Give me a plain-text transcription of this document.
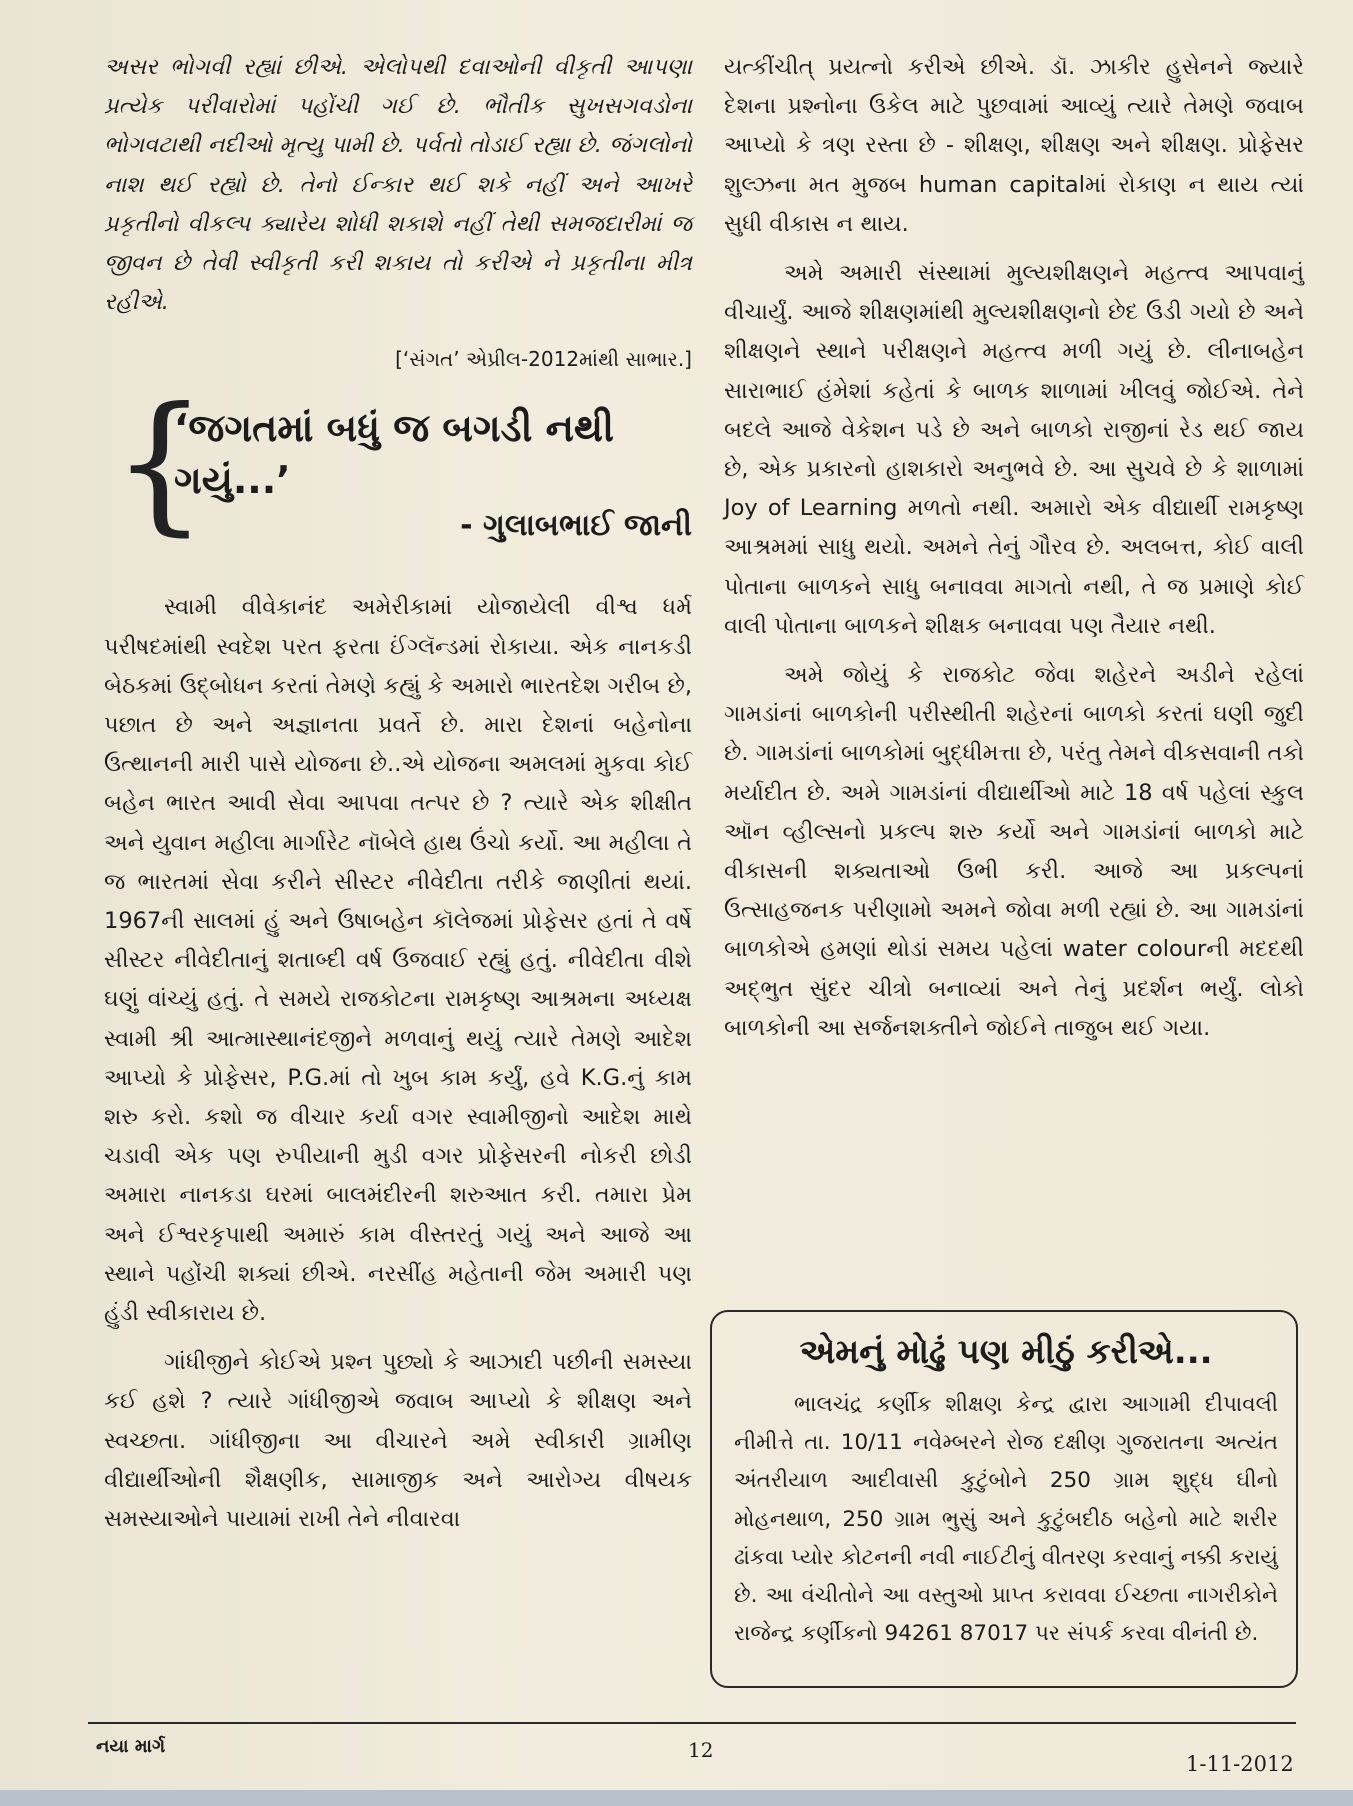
અસર ભોગવી રહ્યાં છીએ. એલોપથી દવાઓની વીકૃતી આપણા પ્રત્યેક પરીવારોમાં પહોંચી ગઈ છે. ભૌતીક સુખસગવડોના ભોગવટાથી નદીઓ મૃત્યુ પામી છે. પર્વતો તોડાઈ રહ્યા છે. જંગલોનો નાશ થઈ રહ્યો છે. તેનો ઈન્કાર થઈ શકે નહીં અને આખરે પ્રકૃતીનો વીકલ્પ ક્યારેય શોધી શકાશે નહીં તેથી સમજદારીમાં જ જીવન છે તેવી સ્વીકૃતી કરી શકાય તો કરીએ ને પ્રકૃતીના મીત્ર રહીએ.

[‘સંગત’ એપ્રીલ-2012માંથી સાભાર.]

{
‘જગતમાં બધું જ બગડી નથી ગયું...’
- ગુલાબભાઈ જાની

સ્વામી વીવેકાનંદ અમેરીકામાં યોજાયેલી વીશ્વ ધર્મ પરીષદમાંથી સ્વદેશ પરત ફરતા ઈંગ્લૅન્ડમાં રોકાયા. એક નાનકડી બેઠકમાં ઉદ્બોધન કરતાં તેમણે કહ્યું કે અમારો ભારતદેશ ગરીબ છે, પછાત છે અને અજ્ઞાનતા પ્રવર્તે છે. મારા દેશનાં બહેનોના ઉત્થાનની મારી પાસે યોજના છે..એ યોજના અમલમાં મુકવા કોઈ બહેન ભારત આવી સેવા આપવા તત્પર છે ? ત્યારે એક શીક્ષીત અને યુવાન મહીલા માર્ગારેટ નૉબેલે હાથ ઉંચો કર્યો. આ મહીલા તે જ ભારતમાં સેવા કરીને સીસ્ટર નીવેદીતા તરીકે જાણીતાં થયાં. 1967ની સાલમાં હું અને ઉષાબહેન કૉલેજમાં પ્રોફેસર હતાં તે વર્ષે સીસ્ટર નીવેદીતાનું શતાબ્દી વર્ષ ઉજવાઈ રહ્યું હતું. નીવેદીતા વીશે ઘણું વાંચ્યું હતું. તે સમયે રાજકોટના રામકૃષ્ણ આશ્રમના અધ્યક્ષ સ્વામી શ્રી આત્માસ્થાનંદજીને મળવાનું થયું ત્યારે તેમણે આદેશ આપ્યો કે પ્રોફેસર, P.G.માં તો ખુબ કામ કર્યું, હવે K.G.નું કામ શરુ કરો. કશો જ વીચાર કર્યા વગર સ્વામીજીનો આદેશ માથે ચડાવી એક પણ રુપીયાની મુડી વગર પ્રોફેસરની નોકરી છોડી અમારા નાનકડા ઘરમાં બાલમંદીરની શરુઆત કરી. તમારા પ્રેમ અને ઈશ્વરકૃપાથી અમારું કામ વીસ્તરતું ગયું અને આજે આ સ્થાને પહોંચી શક્યાં છીએ. નરસીંહ મહેતાની જેમ અમારી પણ હુંડી સ્વીકારાય છે.

ગાંધીજીને કોઈએ પ્રશ્ન પુછ્યો કે આઝાદી પછીની સમસ્યા કઈ હશે ? ત્યારે ગાંધીજીએ જવાબ આપ્યો કે શીક્ષણ અને સ્વચ્છતા. ગાંધીજીના આ વીચારને અમે સ્વીકારી ગ્રામીણ વીદ્યાર્થીઓની શૈક્ષણીક, સામાજીક અને આરોગ્ય વીષયક સમસ્યાઓને પાયામાં રાખી તેને નીવારવા

યત્કીંચીત્ પ્રયત્નો કરીએ છીએ. ડૉ. ઝાકીર હુસેનને જ્યારે દેશના પ્રશ્નોના ઉકેલ માટે પુછવામાં આવ્યું ત્યારે તેમણે જવાબ આપ્યો કે ત્રણ રસ્તા છે - શીક્ષણ, શીક્ષણ અને શીક્ષણ. પ્રોફેસર શુલ્ઝના મત મુજબ human capitalમાં રોકાણ ન થાય ત્યાં સુધી વીકાસ ન થાય.

અમે અમારી સંસ્થામાં મુલ્યશીક્ષણને મહત્ત્વ આપવાનું વીચાર્યું. આજે શીક્ષણમાંથી મુલ્યશીક્ષણનો છેદ ઉડી ગયો છે અને શીક્ષણને સ્થાને પરીક્ષણને મહત્ત્વ મળી ગયું છે. લીનાબહેન સારાભાઈ હંમેશાં કહેતાં કે બાળક શાળામાં ખીલવું જોઈએ. તેને બદલે આજે વેકેશન પડે છે અને બાળકો રાજીનાં રેડ થઈ જાય છે, એક પ્રકારનો હાશકારો અનુભવે છે. આ સુચવે છે કે શાળામાં Joy of Learning મળતો નથી. અમારો એક વીદ્યાર્થી રામકૃષ્ણ આશ્રમમાં સાધુ થયો. અમને તેનું ગૌરવ છે. અલબત્ત, કોઈ વાલી પોતાના બાળકને સાધુ બનાવવા માગતો નથી, તે જ પ્રમાણે કોઈ વાલી પોતાના બાળકને શીક્ષક બનાવવા પણ તૈયાર નથી.

અમે જોયું કે રાજકોટ જેવા શહેરને અડીને રહેલાં ગામડાંનાં બાળકોની પરીસ્થીતી શહેરનાં બાળકો કરતાં ઘણી જુદી છે. ગામડાંનાં બાળકોમાં બુદ્ધીમત્તા છે, પરંતુ તેમને વીકસવાની તકો મર્યાદીત છે. અમે ગામડાંનાં વીદ્યાર્થીઓ માટે 18 વર્ષ પહેલાં સ્કુલ ઑન વ્હીલ્સનો પ્રકલ્પ શરુ કર્યો અને ગામડાંનાં બાળકો માટે વીકાસની શક્યતાઓ ઉભી કરી. આજે આ પ્રકલ્પનાં ઉત્સાહજનક પરીણામો અમને જોવા મળી રહ્યાં છે. આ ગામડાંનાં બાળકોએ હમણાં થોડાં સમય પહેલાં water colourની મદદથી અદ્ભુત સુંદર ચીત્રો બનાવ્યાં અને તેનું પ્રદર્શન ભર્યું. લોકો બાળકોની આ સર્જનશક્તીને જોઈને તાજુબ થઈ ગયા.

એમનું મોઢું પણ મીઠું કરીએ...

ભાલચંદ્ર કર્ણીક શીક્ષણ કેન્દ્ર દ્વારા આગામી દીપાવલી નીમીત્તે તા. 10/11 નવેમ્બરને રોજ દક્ષીણ ગુજરાતના અત્યંત અંતરીયાળ આદીવાસી કુટુંબોને 250 ગ્રામ શુદ્ધ ઘીનો મોહનથાળ, 250 ગ્રામ ભુસું અને કુટુંબદીઠ બહેનો માટે શરીર ઢાંકવા પ્યોર કોટનની નવી નાઈટીનું વીતરણ કરવાનું નક્કી કરાયું છે. આ વંચીતોને આ વસ્તુઓ પ્રાપ્ત કરાવવા ઈચ્છતા નાગરીકોને રાજેન્દ્ર કર્ણીકનો 94261 87017 પર સંપર્ક કરવા વીનંતી છે.

નયા માર્ગ	12
1-11-2012
